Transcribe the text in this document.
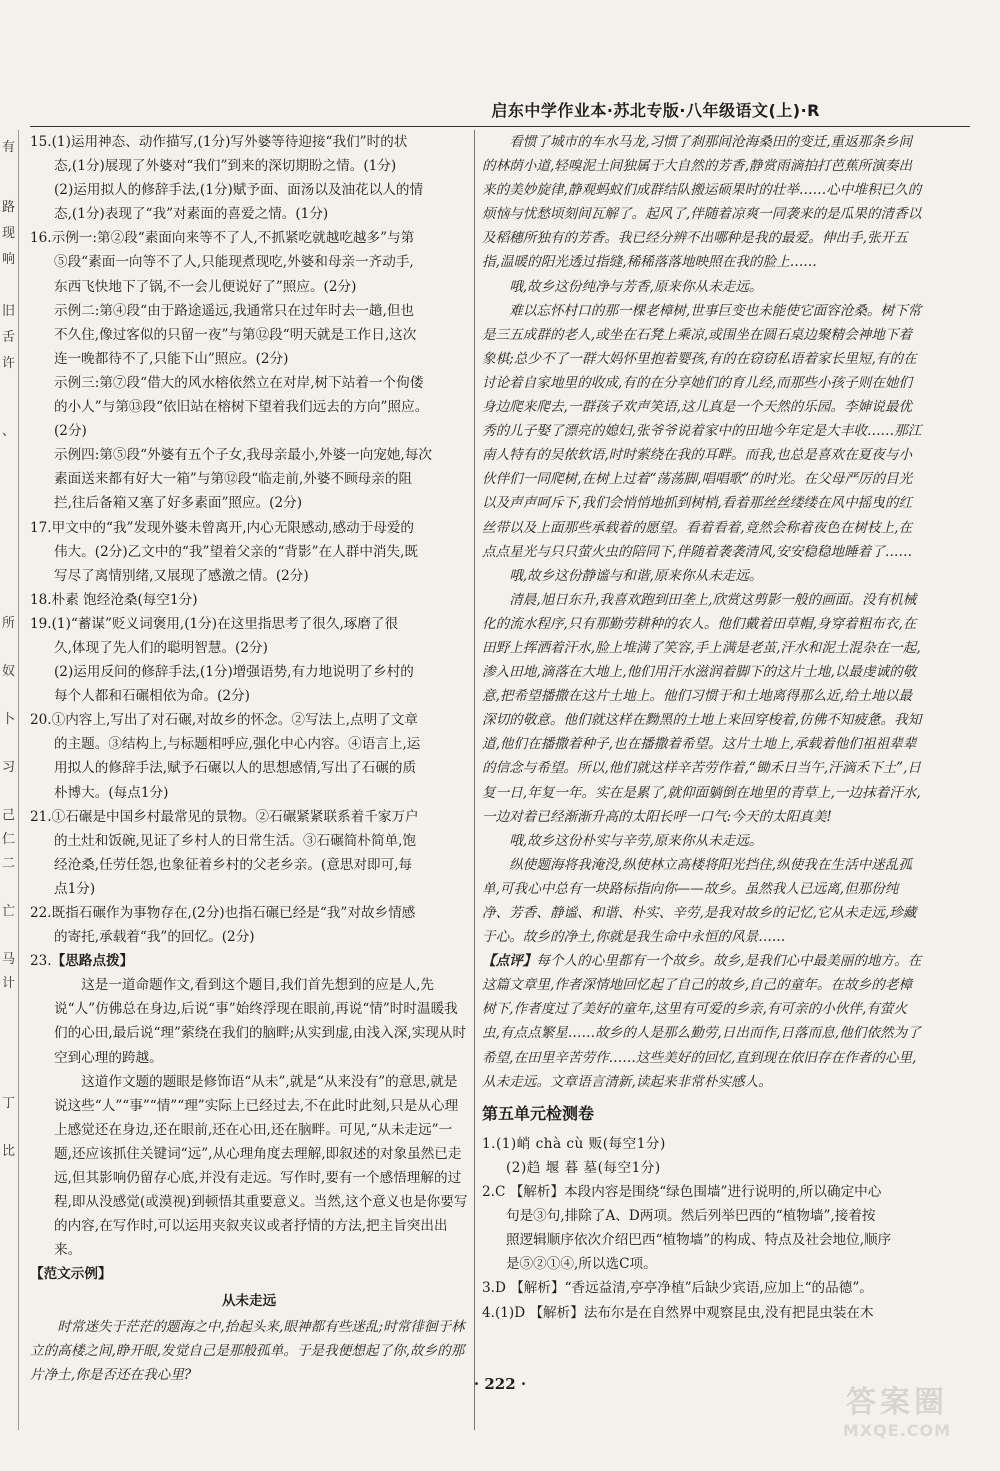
启东中学作业本·苏北专版·八年级语文(上)·R
有
路
现
响
旧
舌
许
、
所
奴
卜
习
己
仁
二
亡
马
计
丁
比
15.(1)运用神态、动作描写,(1分)写外婆等待迎接“我们”时的状
态,(1分)展现了外婆对“我们”到来的深切期盼之情。(1分)
(2)运用拟人的修辞手法,(1分)赋予面、面汤以及油花以人的情
态,(1分)表现了“我”对素面的喜爱之情。(1分)
16.示例一:第②段“素面向来等不了人,不抓紧吃就越吃越多”与第
⑤段“素面一向等不了人,只能现煮现吃,外婆和母亲一齐动手,
东西飞快地下了锅,不一会儿便说好了”照应。(2分)
示例二:第④段“由于路途遥远,我通常只在过年时去一趟,但也
不久住,像过客似的只留一夜”与第⑫段“明天就是工作日,这次
连一晚都待不了,只能下山”照应。(2分)
示例三:第⑦段“借大的风水榕依然立在对岸,树下站着一个佝偻
的小人”与第⑬段“依旧站在榕树下望着我们远去的方向”照应。
(2分)
示例四:第⑤段“外婆有五个子女,我母亲最小,外婆一向宠她,每次
素面送来都有好大一箱”与第⑫段“临走前,外婆不顾母亲的阻
拦,往后备箱又塞了好多素面”照应。(2分)
17.甲文中的“我”发现外婆未曾离开,内心无限感动,感动于母爱的
伟大。(2分)乙文中的“我”望着父亲的“背影”在人群中消失,既
写尽了离情别绪,又展现了感激之情。(2分)
18.朴素 饱经沧桑(每空1分)
19.(1)“蓄谋”贬义词褒用,(1分)在这里指思考了很久,琢磨了很
久,体现了先人们的聪明智慧。(2分)
(2)运用反问的修辞手法,(1分)增强语势,有力地说明了乡村的
每个人都和石碾相依为命。(2分)
20.①内容上,写出了对石碾,对故乡的怀念。②写法上,点明了文章
的主题。③结构上,与标题相呼应,强化中心内容。④语言上,运
用拟人的修辞手法,赋予石碾以人的思想感情,写出了石碾的质
朴博大。(每点1分)
21.①石碾是中国乡村最常见的景物。②石碾紧紧联系着千家万户
的土灶和饭碗,见证了乡村人的日常生活。③石碾简朴简单,饱
经沧桑,任劳任怨,也象征着乡村的父老乡亲。(意思对即可,每
点1分)
22.既指石碾作为事物存在,(2分)也指石碾已经是“我”对故乡情感
的寄托,承载着“我”的回忆。(2分)
23.【思路点拨】

这是一道命题作文,看到这个题目,我们首先想到的应是人,先说“人”仿佛总在身边,后说“事”始终浮现在眼前,再说“情”时时温暖我们的心田,最后说“理”萦绕在我们的脑畔;从实到虚,由浅入深,实现从时空到心理的跨越。

这道作文题的题眼是修饰语“从未”,就是“从来没有”的意思,就是说这些“人”“事”“情”“理”实际上已经过去,不在此时此刻,只是从心理上感觉还在身边,还在眼前,还在心田,还在脑畔。可见,“从未走远”一题,还应该抓住关键词“远”,从心理角度去理解,即叙述的对象虽然已走远,但其影响仍留存心底,并没有走远。写作时,要有一个感悟理解的过程,即从没感觉(或漠视)到顿悟其重要意义。当然,这个意义也是你要写的内容,在写作时,可以运用夹叙夹议或者抒情的方法,把主旨突出出来。

【范文示例】
从未走远

时常迷失于茫茫的题海之中,抬起头来,眼神都有些迷乱;时常徘徊于林立的高楼之间,睁开眼,发觉自己是那般孤单。于是我便想起了你,故乡的那片净土,你是否还在我心里?

看惯了城市的车水马龙,习惯了刹那间沧海桑田的变迁,重返那条乡间的林荫小道,轻嗅泥土间独属于大自然的芳香,静赏雨滴拍打芭蕉所演奏出来的美妙旋律,静观蚂蚁们成群结队搬运硕果时的壮举……心中堆积已久的烦恼与忧愁顷刻间瓦解了。起风了,伴随着凉爽一同袭来的是瓜果的清香以及稻穗所独有的芳香。我已经分辨不出哪种是我的最爱。伸出手,张开五指,温暖的阳光透过指缝,稀稀落落地映照在我的脸上……

哦,故乡这份纯净与芳香,原来你从未走远。

难以忘怀村口的那一棵老樟树,世事巨变也未能使它面容沧桑。树下常是三五成群的老人,或坐在石凳上乘凉,或围坐在圆石桌边聚精会神地下着象棋;总少不了一群大妈怀里抱着婴孩,有的在窃窃私语着家长里短,有的在讨论着自家地里的收成,有的在分享她们的育儿经,而那些小孩子则在她们身边爬来爬去,一群孩子欢声笑语,这儿真是一个天然的乐园。李婶说最优秀的儿子娶了漂亮的媳妇,张爷爷说着家中的田地今年定是大丰收……那江南人特有的吴侬软语,时时萦绕在我的耳畔。而我,也总是喜欢在夏夜与小伙伴们一同爬树,在树上过着“荡荡脚,唱唱歌”的时光。在父母严厉的目光以及声声呵斥下,我们会悄悄地抓到树梢,看着那丝丝缕缕在风中摇曳的红丝带以及上面那些承载着的愿望。看着看着,竟然会称着夜色在树枝上,在点点星光与只只萤火虫的陪同下,伴随着袭袭清风,安安稳稳地睡着了……

哦,故乡这份静谧与和谐,原来你从未走远。

清晨,旭日东升,我喜欢跑到田垄上,欣赏这剪影一般的画面。没有机械化的流水程序,只有那勤劳耕种的农人。他们戴着田草帽,身穿着粗布衣,在田野上挥洒着汗水,脸上堆满了笑容,手上满是老茧,汗水和泥土混杂在一起,渗入田地,滴落在大地上,他们用汗水滋润着脚下的这片土地,以最虔诚的敬意,把希望播撒在这片土地上。他们习惯于和土地离得那么近,给土地以最深切的敬意。他们就这样在黝黑的土地上来回穿梭着,仿佛不知疲惫。我知道,他们在播撒着种子,也在播撒着希望。这片土地上,承载着他们祖祖辈辈的信念与希望。所以,他们就这样辛苦劳作着,“锄禾日当午,汗滴禾下土”,日复一日,年复一年。实在是累了,就仰面躺倒在地里的青草上,一边抹着汗水,一边对着已经渐渐升高的太阳长呼一口气:今天的太阳真美!

哦,故乡这份朴实与辛劳,原来你从未走远。

纵使题海将我淹没,纵使林立高楼将阳光挡住,纵使我在生活中迷乱孤单,可我心中总有一块路标指向你——故乡。虽然我人已远离,但那份纯净、芳香、静谧、和谐、朴实、辛劳,是我对故乡的记忆,它从未走远,珍藏于心。故乡的净土,你就是我生命中永恒的风景……

【点评】每个人的心里都有一个故乡。故乡,是我们心中最美丽的地方。在这篇文章里,作者深情地回忆起了自己的故乡,自己的童年。在故乡的老樟树下,作者度过了美好的童年,这里有可爱的乡亲,有可亲的小伙伴,有萤火虫,有点点繁星……故乡的人是那么勤劳,日出而作,日落而息,他们依然为了希望,在田里辛苦劳作……这些美好的回忆,直到现在依旧存在作者的心里,从未走远。文章语言清新,读起来非常朴实感人。

第五单元检测卷
1.(1)峭 chà cù 贩(每空1分)
(2)趋 堰 暮 墓(每空1分)
2.C 【解析】本段内容是围绕“绿色围墙”进行说明的,所以确定中心
句是③句,排除了A、D两项。然后列举巴西的“植物墙”,接着按
照逻辑顺序依次介绍巴西“植物墙”的构成、特点及社会地位,顺序
是⑤②①④,所以选C项。
3.D 【解析】“香远益清,亭亭净植”后缺少宾语,应加上“的品德”。
4.(1)D 【解析】法布尔是在自然界中观察昆虫,没有把昆虫装在木
· 222 ·
答案圈
MXQE.COM
